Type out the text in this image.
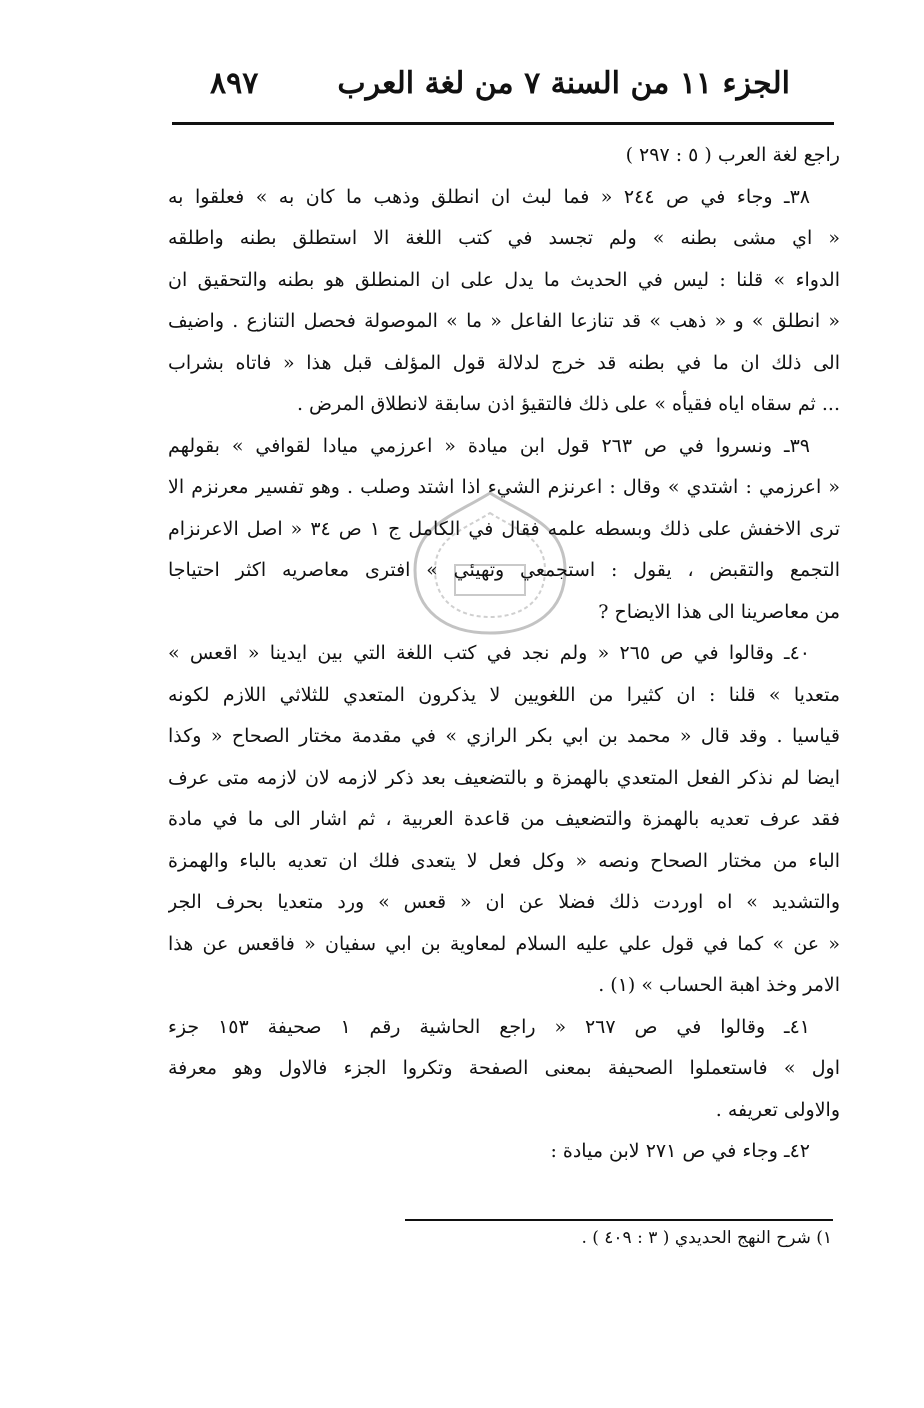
الجزء ١١ من السنة ٧ من لغة العرب
٨٩٧
راجع لغة العرب ( ٥ : ٢٩٧ )
٣٨ـ وجاء في ص ٢٤٤ « فما لبث ان انطلق وذهب ما كان به » فعلقوا به
« اي مشى بطنه » ولم تجسد في كتب اللغة الا استطلق بطنه واطلقه
الدواء » قلنا : ليس في الحديث ما يدل على ان المنطلق هو بطنه والتحقيق ان
« انطلق » و « ذهب » قد تنازعا الفاعل « ما » الموصولة فحصل التنازع . واضيف
الى ذلك ان ما في بطنه قد خرج لدلالة قول المؤلف قبل هذا « فاتاه بشراب
... ثم سقاه اياه فقيأه » على ذلك فالتقيؤ اذن سابقة لانطلاق المرض .
٣٩ـ ونسروا في ص ٢٦٣ قول ابن ميادة « اعرزمي ميادا لقوافي » بقولهم
« اعرزمي : اشتدي » وقال : اعرنزم الشيء اذا اشتد وصلب . وهو تفسير معرنزم الا
ترى الاخفش على ذلك وبسطه علمه فقال في الكامل ج ١ ص ٣٤ « اصل الاعرنزام
التجمع والتقبض ، يقول : استجمعي وتهيئي » افترى معاصريه اكثر احتياجا
من معاصرينا الى هذا الايضاح ?
٤٠ـ وقالوا في ص ٢٦٥ « ولم نجد في كتب اللغة التي بين ايدينا « اقعس »
متعديا » قلنا : ان كثيرا من اللغويين لا يذكرون المتعدي للثلاثي اللازم لكونه
قياسيا . وقد قال « محمد بن ابي بكر الرازي » في مقدمة مختار الصحاح « وكذا
ايضا لم نذكر الفعل المتعدي بالهمزة و بالتضعيف بعد ذكر لازمه لان لازمه متى عرف
فقد عرف تعديه بالهمزة والتضعيف من قاعدة العربية ، ثم اشار الى ما في مادة
الباء من مختار الصحاح ونصه « وكل فعل لا يتعدى فلك ان تعديه بالباء والهمزة
والتشديد » اه اوردت ذلك فضلا عن ان « قعس » ورد متعديا بحرف الجر
« عن » كما في قول علي عليه السلام لمعاوية بن ابي سفيان « فاقعس عن هذا
الامر وخذ اهبة الحساب » (١) .
٤١ـ وقالوا في ص ٢٦٧ « راجع الحاشية رقم ١ صحيفة ١٥٣ جزء
اول » فاستعملوا الصحيفة بمعنى الصفحة وتكروا الجزء فالاول وهو معرفة
والاولى تعريفه .
٤٢ـ وجاء في ص ٢٧١ لابن ميادة :
١) شرح النهج الحديدي ( ٣ : ٤٠٩ ) .
